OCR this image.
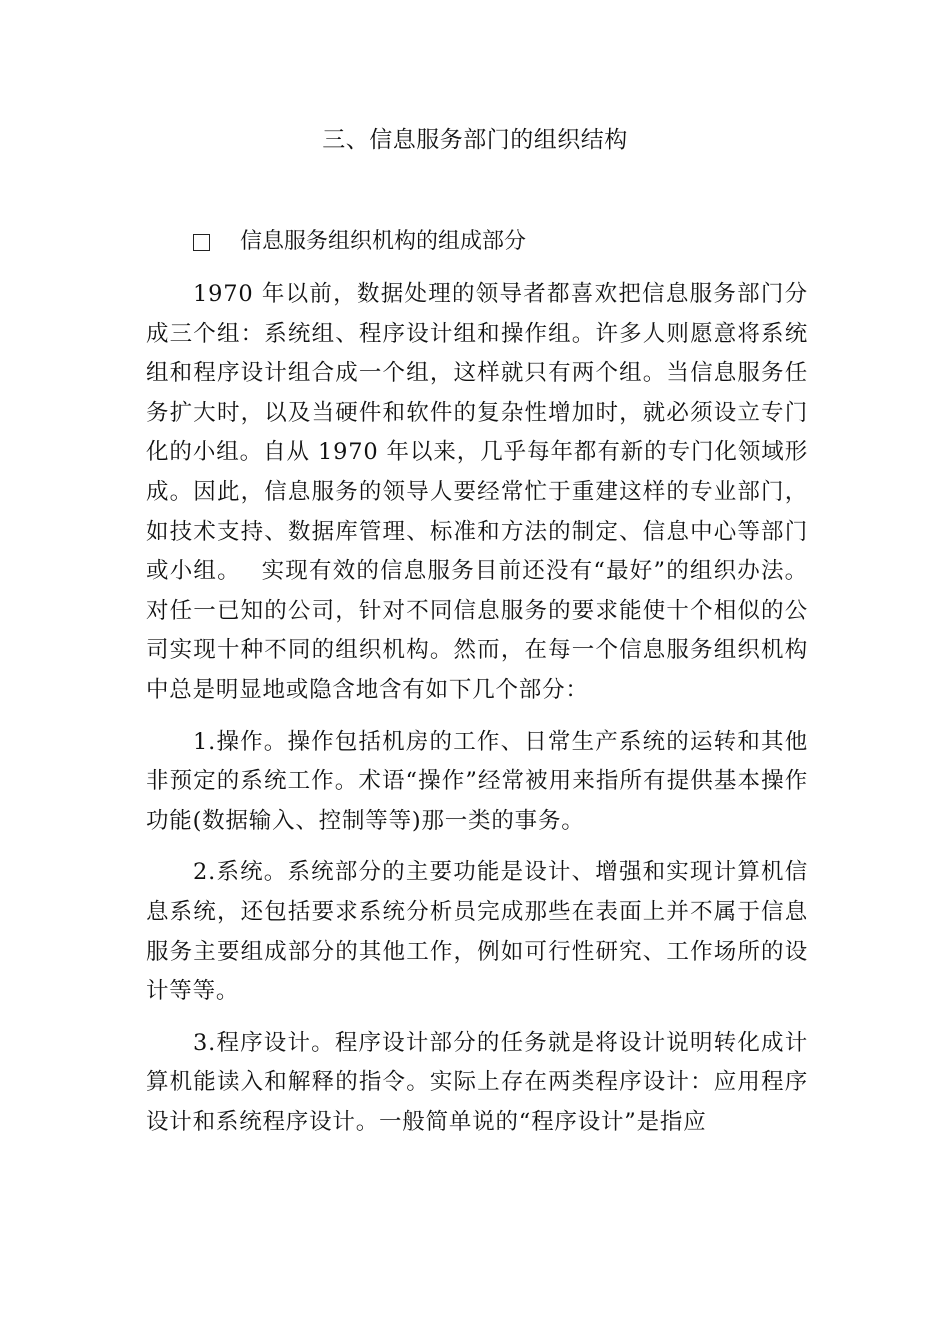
三、信息服务部门的组织结构
信息服务组织机构的组成部分

1970 年以前，数据处理的领导者都喜欢把信息服务部门分成三个组：系统组、程序设计组和操作组。许多人则愿意将系统组和程序设计组合成一个组，这样就只有两个组。当信息服务任务扩大时，以及当硬件和软件的复杂性增加时，就必须设立专门化的小组。自从 1970 年以来，几乎每年都有新的专门化领域形成。因此，信息服务的领导人要经常忙于重建这样的专业部门，如技术支持、数据库管理、标准和方法的制定、信息中心等部门或小组。　 实现有效的信息服务目前还没有“最好”的组织办法。对任一已知的公司，针对不同信息服务的要求能使十个相似的公司实现十种不同的组织机构。然而，在每一个信息服务组织机构中总是明显地或隐含地含有如下几个部分：

1.操作。操作包括机房的工作、日常生产系统的运转和其他非预定的系统工作。术语“操作”经常被用来指所有提供基本操作功能(数据输入、控制等等)那一类的事务。

2.系统。系统部分的主要功能是设计、增强和实现计算机信息系统，还包括要求系统分析员完成那些在表面上并不属于信息服务主要组成部分的其他工作，例如可行性研究、工作场所的设计等等。

3.程序设计。程序设计部分的任务就是将设计说明转化成计算机能读入和解释的指令。实际上存在两类程序设计：应用程序设计和系统程序设计。一般简单说的“程序设计”是指应
